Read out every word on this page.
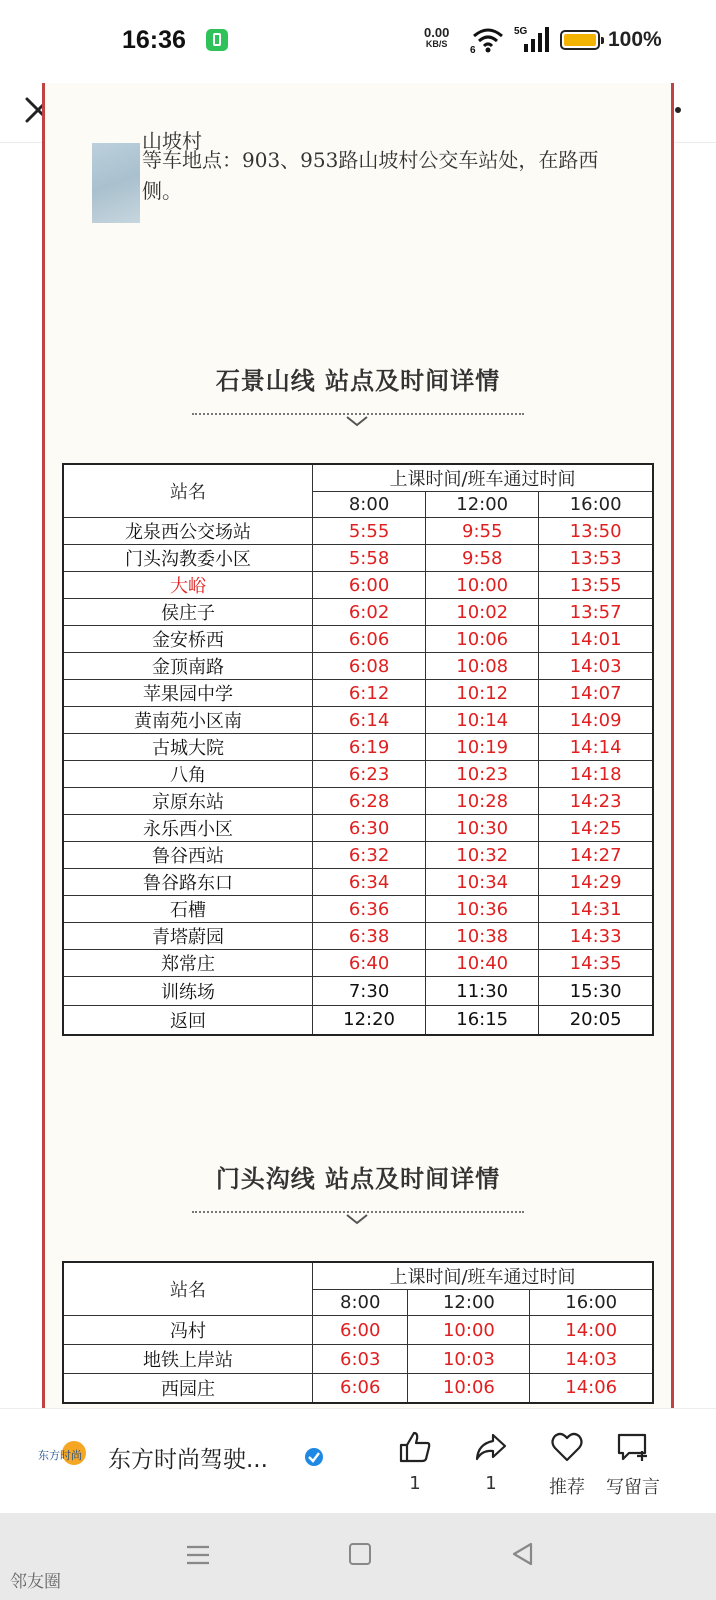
16:36	0.00
KB/S
6
5G	100%
山坡村
等车地点：903、953路山坡村公交车站处，在路西侧。
石景山线 站点及时间详情
站名	上课时间/班车通过时间		
	8:00	12:00	16:00
龙泉西公交场站	5:55	9:55	13:50
门头沟教委小区	5:58	9:58	13:53
大峪	6:00	10:00	13:55
侯庄子	6:02	10:02	13:57
金安桥西	6:06	10:06	14:01
金顶南路	6:08	10:08	14:03
苹果园中学	6:12	10:12	14:07
黄南苑小区南	6:14	10:14	14:09
古城大院	6:19	10:19	14:14
八角	6:23	10:23	14:18
京原东站	6:28	10:28	14:23
永乐西小区	6:30	10:30	14:25
鲁谷西站	6:32	10:32	14:27
鲁谷路东口	6:34	10:34	14:29
石槽	6:36	10:36	14:31
青塔蔚园	6:38	10:38	14:33
郑常庄	6:40	10:40	14:35
训练场	7:30	11:30	15:30
返回	12:20	16:15	20:05
门头沟线 站点及时间详情
站名	上课时间/班车通过时间		
	8:00	12:00	16:00
冯村	6:00	10:00	14:00
地铁上岸站	6:03	10:03	14:03
西园庄	6:06	10:06	14:06
东方时尚 东方时尚驾驶...
1	1	推荐	写留言
邻友圈
